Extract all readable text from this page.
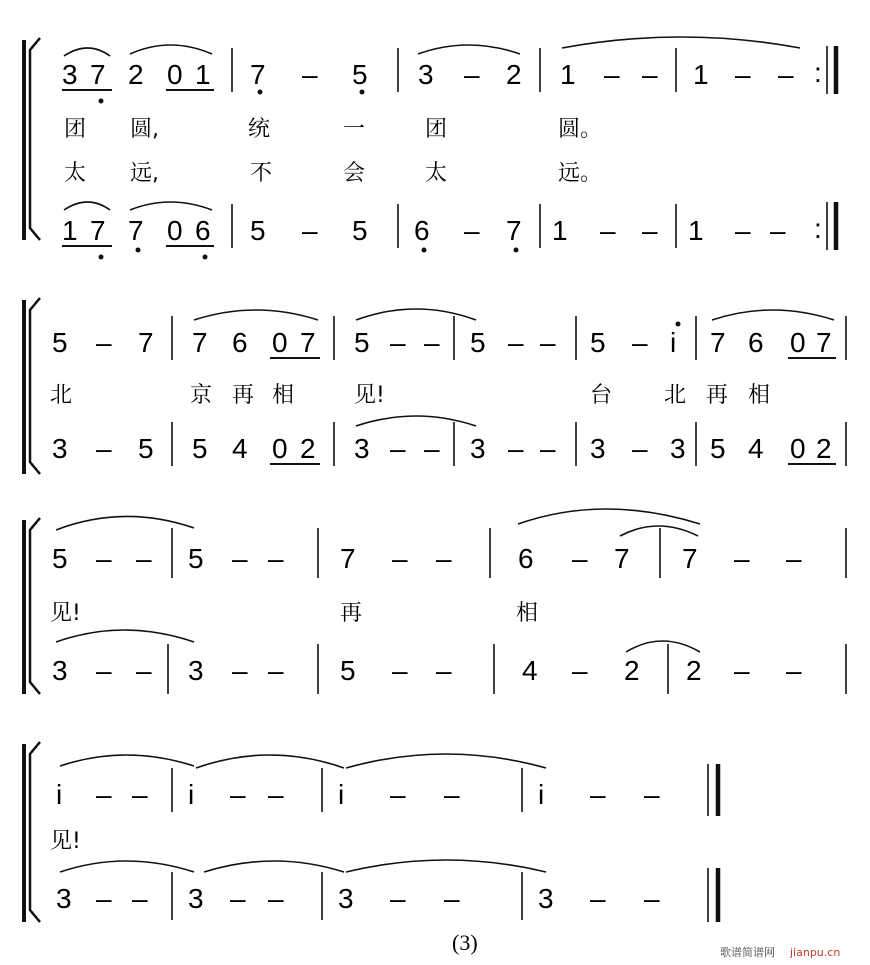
3 7 2 0 1 7 – 5 3 – 2 1 – – 1 – – :
团 圆,	统	一	团	圆。
太 远,	不	会	太	远。
1 7 7 0 6 5 – 5 6 – 7 1 – – 1 – – :
5 – 7 7 6 0 7 5 – – 5 – – 5 – i 7 6 0 7
北	京 再 相	见!	台 北 再 相
3 – 5 5 4 0 2 3 – – 3 – – 3 – 3 5 4 0 2
5 – – 5 – – 7 – – 6 – 7 7 – –
见!	再	相
3 – – 3 – – 5 – –	4 – 2 2 – –
i – – i – – i – –	i – –
见!
3 – – 3 – – 3 – –	3 – –
(3)	歌谱简谱网 jianpu.cn
